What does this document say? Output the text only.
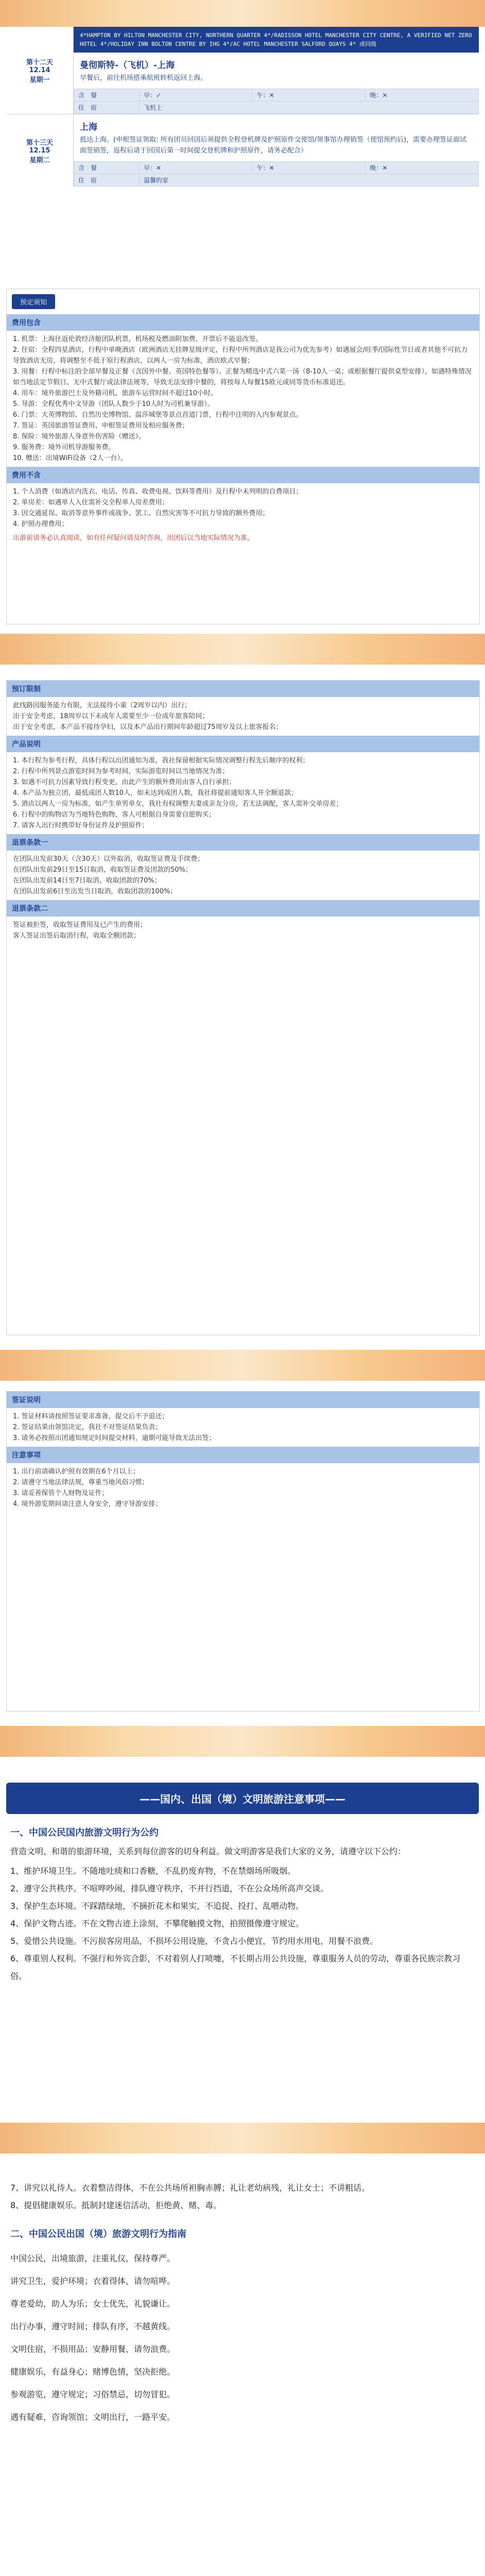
第十二天
12.14
星期一

4*HAMPTON BY HILTON MANCHESTER CITY, NORTHERN QUARTER 4*/RADISSON HOTEL MANCHESTER CITY CENTRE, A VERIFIED NET ZERO HOTEL 4*/HOLIDAY INN BOLTON CENTRE BY IHG 4*/AC HOTEL MANCHESTER SALFORD QUAYS 4* 或同级
曼彻斯特-（飞机）-上海
早餐后，前往机场搭乘航班转机返回上海。
含　餐	早：✓	午：✕	晚：✕
住　宿	飞机上

第十三天
12.15
星期二

上海
抵达上海。(申根签证领取: 所有团员回国后须提供全程登机牌及护照原件交使馆/领事馆办理销签（使馆预约后)，需要办理签证面试面签销签，返程后请于回国后第一时间提交登机牌和护照原件，请务必配合）
含　餐	早：✕	午：✕	晚：✕
住　宿	温馨的家
预定须知
费用包含
1. 机票：上海往返伦敦经济舱团队机票，机场税及燃油附加费。开票后不能退改签。
2. 住宿：全程四星酒店，行程中单晚酒店（欧洲酒店无挂牌星级评定，行程中所列酒店是我公司为优先参考）如遇展会/旺季/国际性节日或者其他不可抗力导致酒店无房，将调整至不低于原行程酒店，以两人一房为标准，酒店欧式早餐；
3. 用餐：行程中标注的全部早餐及正餐（含国外中餐、英国特色餐等）。正餐为精选中式六菜一汤（8-10人一桌；或根据餐厅提供桌型安排），如遇特殊情况如当地法定节假日、无中式餐厅或法律法规等，导致无法安排中餐的，将按每人每餐15欧元或同等货币标准退还。
4. 用车：境外旅游巴士及外籍司机，旅游车运营时间不超过10小时。
5. 导游：全程优秀中文导游（团队人数少于10人时为司机兼导游）。
6. 门票：大英博物馆、自然历史博物馆、温莎城堡等景点首道门票，行程中注明的入内参观景点。
7. 签证：英国旅游签证费用、申根签证费用及相应服务费；
8. 保险：境外旅游人身意外伤害险（赠送）。
9. 服务费：境外司机导游服务费。
10. 赠送：出境WiFi设备（2人一台）。
费用不含
1. 个人消费（如酒店内洗衣、电话、传真、收费电视、饮料等费用）及行程中未列明的自费项目；
2. 单房差：如遇单人入住需补交全程单人房差费用；
3. 因交通延误、取消等意外事件或战争、罢工、自然灾害等不可抗力导致的额外费用；
4. 护照办理费用；
出游前请务必认真阅读，如有任何疑问请及时咨询，出团后以当地实际情况为准。
预订限制
此线路因服务能力有限，无法接待小童（2周岁以内）出行；
出于安全考虑，18周岁以下未成年人需要至少一位成年旅客陪同；
出于安全考虑，本产品不接待孕妇，以及本产品出行期间年龄超过75周岁及以上旅客报名；
产品说明
1. 本行程为参考行程，具体行程以出团通知为准，我社保留根据实际情况调整行程先后顺序的权利；
2. 行程中所列景点游览时间为参考时间，实际游览时间以当地情况为准；
3. 如遇不可抗力因素导致行程变更，由此产生的额外费用由客人自行承担；
4. 本产品为独立团，最低成团人数10人，如未达到成团人数，我社将提前通知客人并全额退款；
5. 酒店以两人一房为标准，如产生单男单女，我社有权调整夫妻或亲友分房，若无法调配，客人需补交单房差；
6. 行程中的购物店为当地特色购物，客人可根据自身需要自愿购买；
7. 请客人出行时携带好身份证件及护照原件；
退票条款一
在团队出发前30天（含30天）以外取消，收取签证费及手续费；
在团队出发前29日至15日取消，收取签证费及团款的50%；
在团队出发前14日至7日取消，收取团款的70%；
在团队出发前6日至出发当日取消，收取团款的100%；
退票条款二
签证被拒签，收取签证费用及已产生的费用；
客人签证出签后取消行程，收取全额团款；
签证说明
1. 签证材料请按照签证要求准备，提交后不予退还；
2. 签证结果由领馆决定，我社不对签证结果负责；
3. 请务必按照出团通知规定时间提交材料，逾期可能导致无法出签；
注意事项
1. 出行前请确认护照有效期在6个月以上；
2. 请遵守当地法律法规，尊重当地风俗习惯；
3. 请妥善保管个人财物及证件；
4. 境外游览期间请注意人身安全，遵守导游安排；
——国内、出国（境）文明旅游注意事项——
一、中国公民国内旅游文明行为公约
营造文明、和谐的旅游环境，关系到每位游客的切身利益。做文明游客是我们大家的义务，请遵守以下公约：
1、维护环境卫生。不随地吐痰和口香糖，不乱扔废弃物，不在禁烟场所吸烟。
2、遵守公共秩序。不喧哗吵闹，排队遵守秩序，不并行挡道，不在公众场所高声交谈。
3、保护生态环境。不踩踏绿地，不摘折花木和果实，不追捉、投打、乱喂动物。
4、保护文物古迹。不在文物古迹上涂刻，不攀爬触摸文物，拍照摄像遵守规定。
5、爱惜公共设施。不污损客房用品，不损坏公用设施，不贪占小便宜，节约用水用电，用餐不浪费。
6、尊重别人权利。不强行和外宾合影，不对着别人打喷嚏，不长期占用公共设施，尊重服务人员的劳动，尊重各民族宗教习俗。
7、讲究以礼待人。衣着整洁得体，不在公共场所袒胸赤膊；礼让老幼病残，礼让女士；不讲粗话。
8、提倡健康娱乐。抵制封建迷信活动，拒绝黄、赌、毒。
二、中国公民出国（境）旅游文明行为指南
中国公民，出境旅游，注重礼仪，保持尊严。
讲究卫生，爱护环境；衣着得体，请勿喧哗。
尊老爱幼，助人为乐；女士优先，礼貌谦让。
出行办事，遵守时间；排队有序，不越黄线。
文明住宿，不损用品；安静用餐，请勿浪费。
健康娱乐，有益身心；赌博色情，坚决拒绝。
参观游览，遵守规定；习俗禁忌，切勿冒犯。
遇有疑难，咨询领馆；文明出行，一路平安。
